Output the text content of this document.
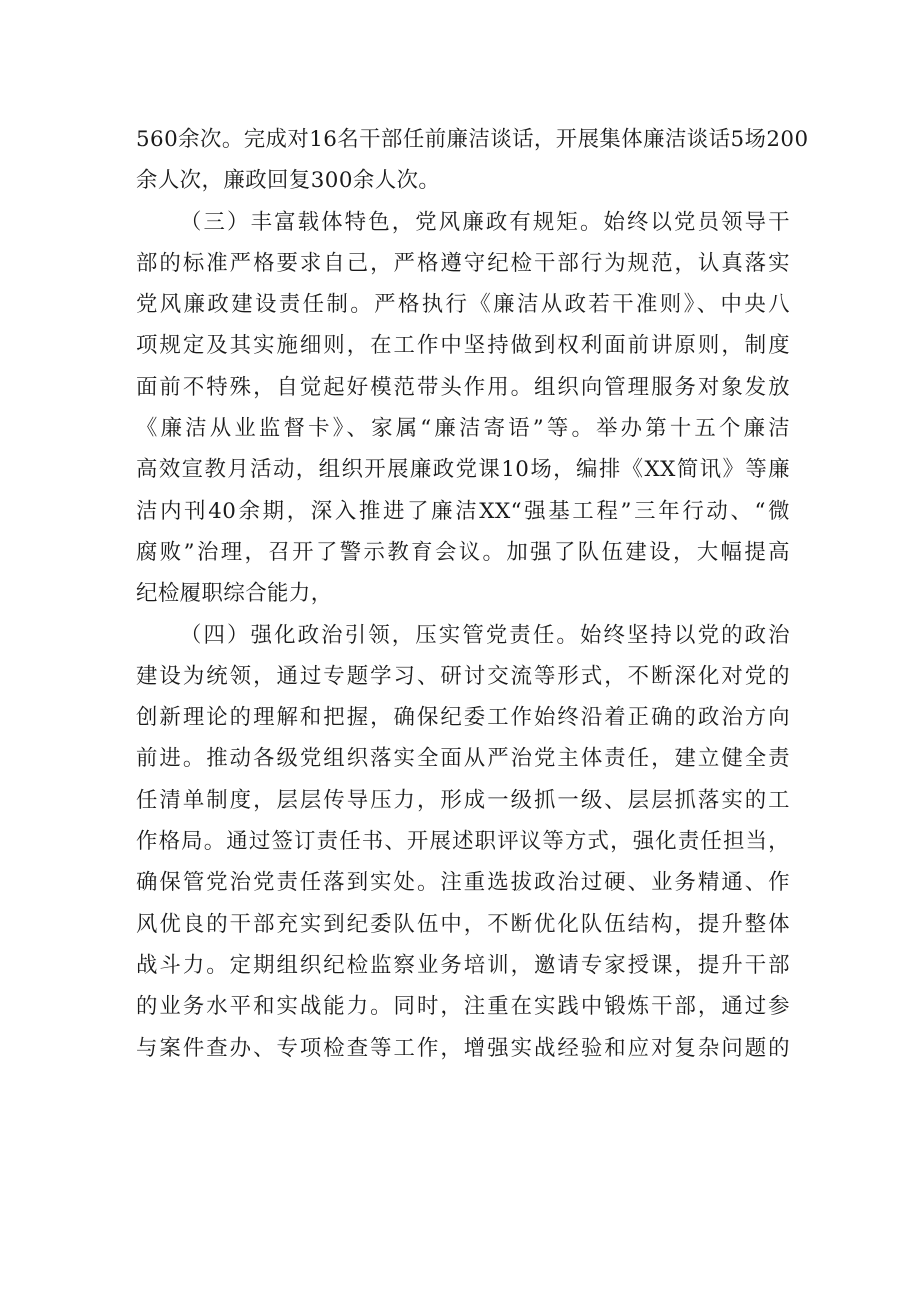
560余次。完成对16名干部任前廉洁谈话，开展集体廉洁谈话5场200
余人次，廉政回复300余人次。
（三）丰富载体特色，党风廉政有规矩。始终以党员领导干
部的标准严格要求自己，严格遵守纪检干部行为规范，认真落实
党风廉政建设责任制。严格执行《廉洁从政若干准则》、中央八
项规定及其实施细则，在工作中坚持做到权利面前讲原则，制度
面前不特殊，自觉起好模范带头作用。组织向管理服务对象发放
《廉洁从业监督卡》、家属“廉洁寄语”等。举办第十五个廉洁
高效宣教月活动，组织开展廉政党课10场，编排《XX简讯》等廉
洁内刊40余期，深入推进了廉洁XX“强基工程”三年行动、“微
腐败”治理，召开了警示教育会议。加强了队伍建设，大幅提高
纪检履职综合能力，
（四）强化政治引领，压实管党责任。始终坚持以党的政治
建设为统领，通过专题学习、研讨交流等形式，不断深化对党的
创新理论的理解和把握，确保纪委工作始终沿着正确的政治方向
前进。推动各级党组织落实全面从严治党主体责任，建立健全责
任清单制度，层层传导压力，形成一级抓一级、层层抓落实的工
作格局。通过签订责任书、开展述职评议等方式，强化责任担当，
确保管党治党责任落到实处。注重选拔政治过硬、业务精通、作
风优良的干部充实到纪委队伍中，不断优化队伍结构，提升整体
战斗力。定期组织纪检监察业务培训，邀请专家授课，提升干部
的业务水平和实战能力。同时，注重在实践中锻炼干部，通过参
与案件查办、专项检查等工作，增强实战经验和应对复杂问题的
